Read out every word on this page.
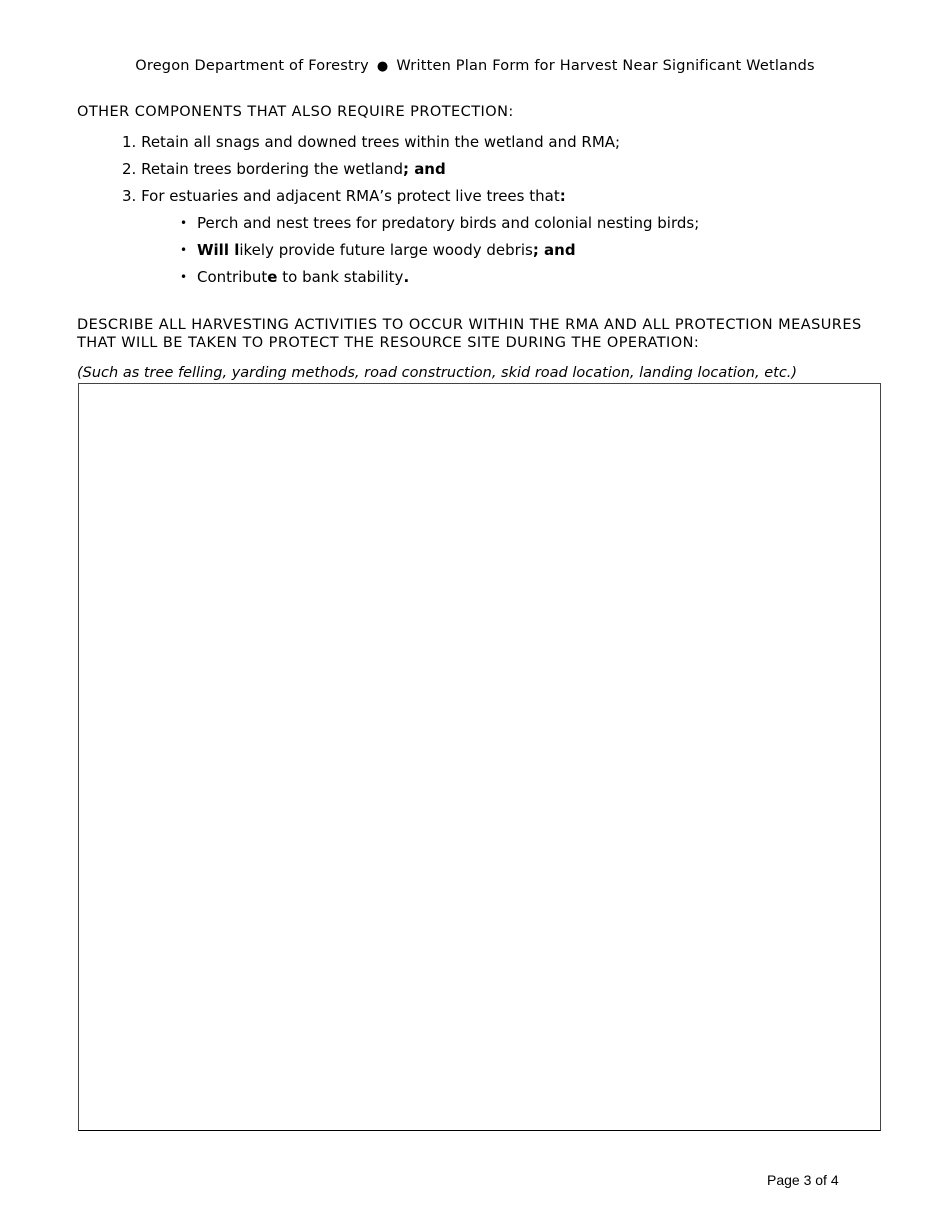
Oregon Department of Forestry ● Written Plan Form for Harvest Near Significant Wetlands
OTHER COMPONENTS THAT ALSO REQUIRE PROTECTION:
1. Retain all snags and downed trees within the wetland and RMA;
2. Retain trees bordering the wetland; and
3. For estuaries and adjacent RMA’s protect live trees that:
• Perch and nest trees for predatory birds and colonial nesting birds;
• Will likely provide future large woody debris; and
• Contribute to bank stability.
DESCRIBE ALL HARVESTING ACTIVITIES TO OCCUR WITHIN THE RMA AND ALL PROTECTION MEASURES
THAT WILL BE TAKEN TO PROTECT THE RESOURCE SITE DURING THE OPERATION:
(Such as tree felling, yarding methods, road construction, skid road location, landing location, etc.)
Page 3 of 4
